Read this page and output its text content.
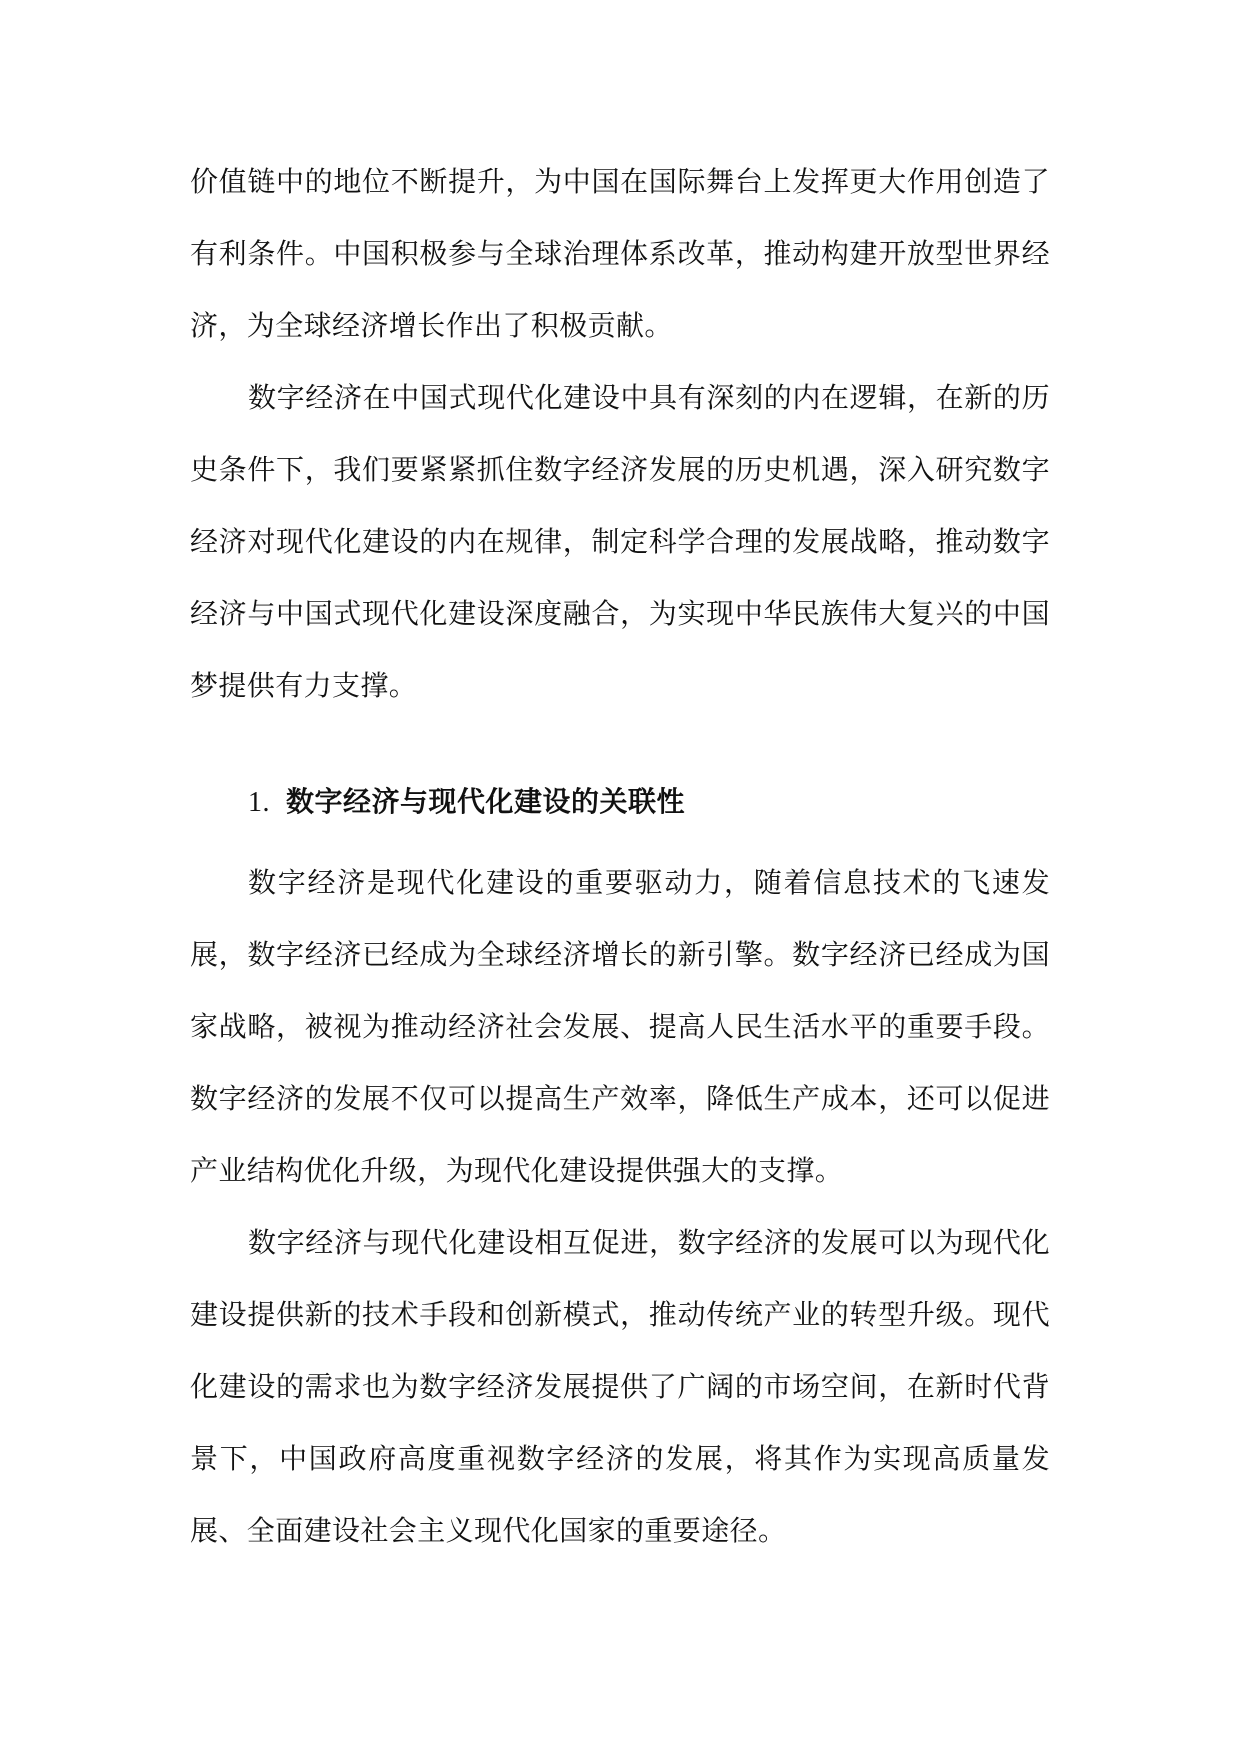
价值链中的地位不断提升，为中国在国际舞台上发挥更大作用创造了有利条件。中国积极参与全球治理体系改革，推动构建开放型世界经济，为全球经济增长作出了积极贡献。

数字经济在中国式现代化建设中具有深刻的内在逻辑，在新的历史条件下，我们要紧紧抓住数字经济发展的历史机遇，深入研究数字经济对现代化建设的内在规律，制定科学合理的发展战略，推动数字经济与中国式现代化建设深度融合，为实现中华民族伟大复兴的中国梦提供有力支撑。

1. 数字经济与现代化建设的关联性

数字经济是现代化建设的重要驱动力，随着信息技术的飞速发展，数字经济已经成为全球经济增长的新引擎。数字经济已经成为国家战略，被视为推动经济社会发展、提高人民生活水平的重要手段。数字经济的发展不仅可以提高生产效率，降低生产成本，还可以促进产业结构优化升级，为现代化建设提供强大的支撑。

数字经济与现代化建设相互促进，数字经济的发展可以为现代化建设提供新的技术手段和创新模式，推动传统产业的转型升级。现代化建设的需求也为数字经济发展提供了广阔的市场空间，在新时代背景下，中国政府高度重视数字经济的发展，将其作为实现高质量发展、全面建设社会主义现代化国家的重要途径。
